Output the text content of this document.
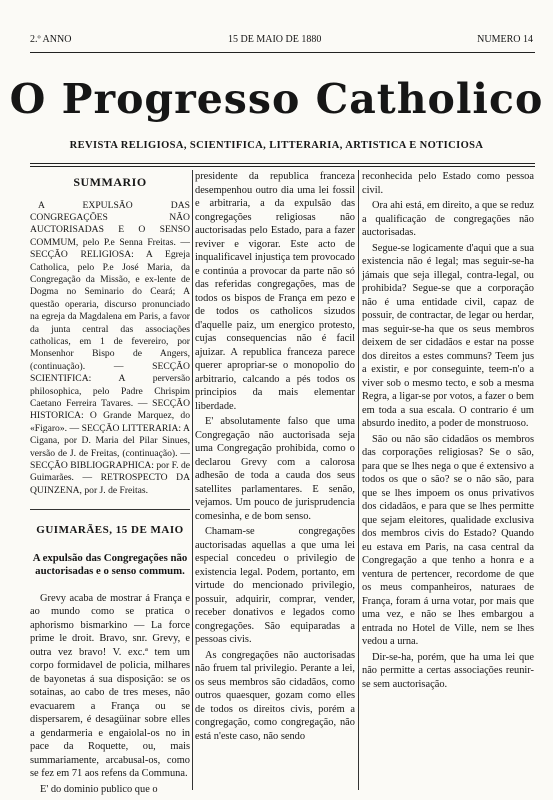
2.º ANNO	15 DE MAIO DE 1880	NUMERO 14
O Progresso Catholico
REVISTA RELIGIOSA, SCIENTIFICA, LITTERARIA, ARTISTICA E NOTICIOSA
SUMMARIO

A EXPULSÃO DAS CONGREGAÇÕES NÃO AUCTORISADAS E O SENSO COMMUM, pelo P.e Senna Freitas. — SECÇÃO RELIGIOSA: A Egreja Catholica, pelo P.e José Maria, da Congregação da Missão, e ex-lente de Dogma no Seminario do Ceará; A questão operaria, discurso pronunciado na egreja da Magdalena em Paris, a favor da junta central das associações catholicas, em 1 de fevereiro, por Monsenhor Bispo de Angers, (continuação). — SECÇÃO SCIENTIFICA: A perversão philosophica, pelo Padre Chrispim Caetano Ferreira Tavares. — SECÇÃO HISTORICA: O Grande Marquez, do «Figaro». — SECÇÃO LITTERARIA: A Cigana, por D. Maria del Pilar Sinues, versão de J. de Freitas, (continuação). — SECÇÃO BIBLIOGRAPHICA: por F. de Guimarães. — RETROSPECTO DA QUINZENA, por J. de Freitas.

GUIMARÃES, 15 DE MAIO
A expulsão das Congregações não auctorisadas e o senso commum.

Grevy acaba de mostrar á França e ao mundo como se pratica o aphorismo bismarkino — La force prime le droit. Bravo, snr. Grevy, e outra vez bravo! V. exc.ª tem um corpo formidavel de policia, milhares de bayonetas á sua disposição: se os sotainas, ao cabo de tres meses, não evacuarem a França ou se dispersarem, é desagüinar sobre elles a gendarmeria e engaiolal-os no in pace da Roquette, ou, mais summariamente, arcabusal-os, como se fez em 71 aos refens da Communa.

E' do dominio publico que o

presidente da republica franceza desempenhou outro dia uma lei fossil e arbitraria, a da expulsão das congregações religiosas não auctorisadas pelo Estado, para a fazer reviver e vigorar. Este acto de inqualificavel injustiça tem provocado e continúa a provocar da parte não só das referidas congregações, mas de todos os bispos de França em pezo e de todos os catholicos sizudos d'aquelle paiz, um energico protesto, cujas consequencias não é facil ajuizar. A republica franceza parece querer apropriar-se o monopolio do arbitrario, calcando a pés todos os principios da mais elementar liberdade.

E' absolutamente falso que uma Congregação não auctorisada seja uma Congregação prohibida, como o declarou Grevy com a calorosa adhesão de toda a cauda dos seus satellites parlamentares. E senão, vejamos. Um pouco de jurisprudencia comesinha, e de bom senso.

Chamam-se congregações auctorisadas aquellas a que uma lei especial concedeu o privilegio de existencia legal. Podem, portanto, em virtude do mencionado privilegio, possuir, adquirir, comprar, vender, receber donativos e legados como congregações. São equiparadas a pessoas civis.

As congregações não auctorisadas não fruem tal privilegio. Perante a lei, os seus membros são cidadãos, como outros quaesquer, gozam como elles de todos os direitos civis, porém a congregação, como congregação, não está n'este caso, não sendo

reconhecida pelo Estado como pessoa civil.

Ora ahi está, em direito, a que se reduz a qualificação de congregações não auctorisadas.

Segue-se logicamente d'aqui que a sua existencia não é legal; mas seguir-se-ha jámais que seja illegal, contra-legal, ou prohibida? Segue-se que a corporação não é uma entidade civil, capaz de possuir, de contractar, de legar ou herdar, mas seguir-se-ha que os seus membros deixem de ser cidadãos e estar na posse dos direitos a estes communs? Teem jus a existir, e por conseguinte, teem-n'o a viver sob o mesmo tecto, e sob a mesma Regra, a ligar-se por votos, a fazer o bem em toda a sua escala. O contrario é um absurdo inedito, a poder de monstruoso.

São ou não são cidadãos os membros das corporações religiosas? Se o são, para que se lhes nega o que é extensivo a todos os que o são? se o não são, para que se lhes impoem os onus privativos dos cidadãos, e para que se lhes permitte que sejam eleitores, qualidade exclusiva dos membros civis do Estado? Quando eu estava em Paris, na casa central da Congregação a que tenho a honra e a ventura de pertencer, recordome de que os meus companheiros, naturaes de França, foram á urna votar, por mais que uma vez, e não se lhes embargou a entrada no Hotel de Ville, nem se lhes vedou a urna.

Dir-se-ha, porém, que ha uma lei que não permitte a certas associações reunir-se sem auctorisação.
